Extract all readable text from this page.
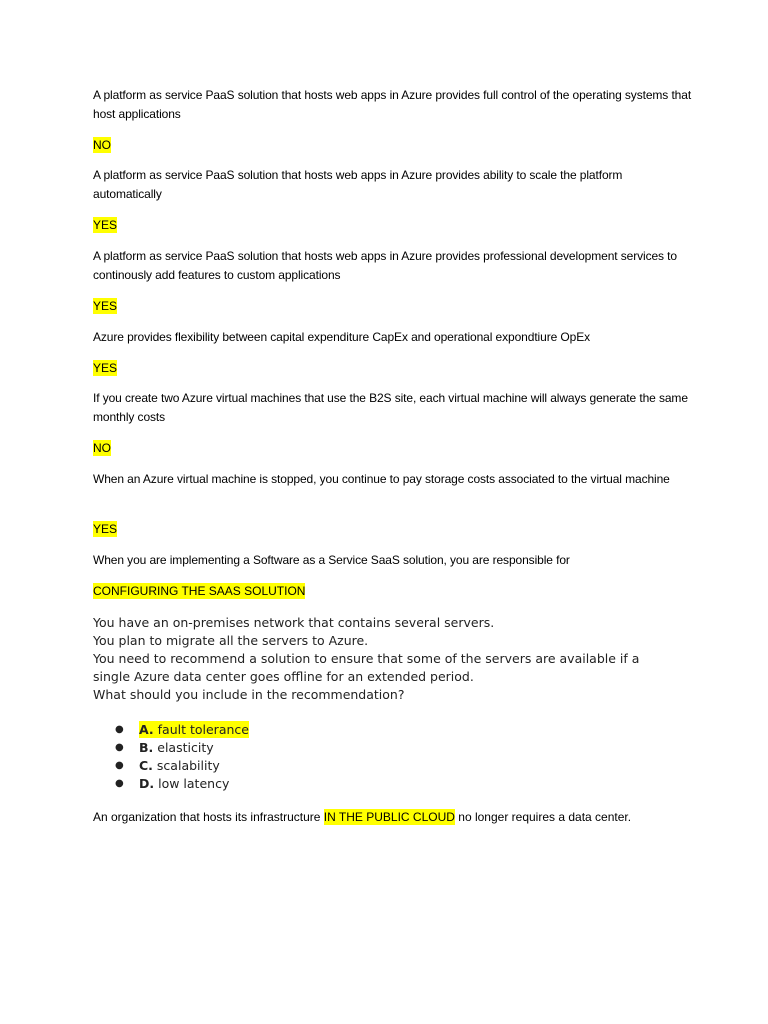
A platform as service PaaS solution that hosts web apps in Azure provides full control of the operating systems that host applications

NO

A platform as service PaaS solution that hosts web apps in Azure provides ability to scale the platform automatically

YES

A platform as service PaaS solution that hosts web apps in Azure provides professional development services to continously add features to custom applications

YES

Azure provides flexibility between capital expenditure CapEx and operational expondtiure OpEx

YES

If you create two Azure virtual machines that use the B2S site, each virtual machine will always generate the same monthly costs

NO

When an Azure virtual machine is stopped, you continue to pay storage costs associated to the virtual machine

YES

When you are implementing a Software as a Service SaaS solution, you are responsible for

CONFIGURING THE SAAS SOLUTION

You have an on-premises network that contains several servers.

You plan to migrate all the servers to Azure.

You need to recommend a solution to ensure that some of the servers are available if a single Azure data center goes offline for an extended period.

What should you include in the recommendation?

● A. fault tolerance
● B. elasticity
● C. scalability
● D. low latency

An organization that hosts its infrastructure IN THE PUBLIC CLOUD no longer requires a data center.
